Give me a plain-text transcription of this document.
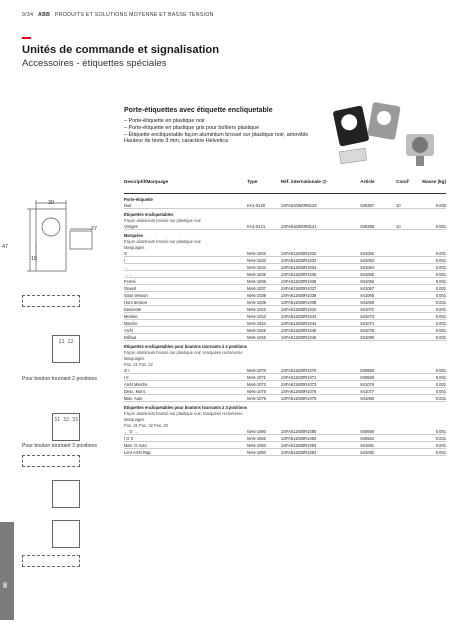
9/34 ABB PRODUITS ET SOLUTIONS MOYENNE ET BASSE TENSION
Unités de commande et signalisation
Accessoires - étiquettes spéciales
Porte-étiquettes avec étiquette encliquetable
– Porte-étiquette en plastique noir
– Porte-étiquette en plastique gris pour boîtiers plastique
– Étiquette encliquetable façon aluminium brossé sur plastique noir, amovible
Hauteur de texte 3 mm, caractère Helvetica
30
27
47
15
21 22
Pour bouton tournant 2 positions
31 32 33
Pour bouton tournant 3 positions
60
Descriptif/Marquage	Type	Réf. internationale @	Article	Cond¹	Masse (kg)
Porte-étiquette					
Noir	KA1-8120	1SFA616920R8120	840287	10	0.002
Étiquettes encliquetables					
Façon aluminium brossé sur plastique noir					
Vierges	KA1-8121	1SFA616920R8121	840288	10	0.001
Marquées					
Façon aluminium brossé sur plastique noir					
Marquages					
O	MA6-1032	1SFA611930R1032	841062		0.001
I	MA6-1033	1SFA611930R1033	841063		0.001
→	MA6-1034	1SFA611930R1034	841064		0.001
→→	MA6-1035	1SFA611930R1035	841065		0.001
Fermé	MA6-1036	1SFA611930R1036	841066		0.001
Ouvert	MA6-1037	1SFA611930R1037	841067		0.001
Sous tension	MA6-1038	1SFA611930R1038	841068		0.001
Hors tension	MA6-1039	1SFA611930R1039	841069		0.001
Descente	MA6-1042	1SFA611930R1042	841072		0.001
Montée	MA6-1043	1SFA611930R1043	841073		0.001
Marche	MA6-1044	1SFA611930R1044	841074		0.001
Arrêt	MA6-1045	1SFA611930R1045	841075		0.001
Défaut	MA6-1046	1SFA611930R1046	841090		0.001
Étiquettes encliquetables pour boutons tournants à 2 positions					
Façon aluminium brossé sur plastique noir, marquées recto/verso					
Marquages					
Pos. 21 Pos. 22					
O I	MA6-1070	1SFA611930R1070	840550		0.001
I II	MA6-1071	1SFA611930R1071	840559		0.001
Arrêt Marche	MA6-1073	1SFA611930R1073	841076		0.001
Desc. Mont.	MA6-1075	1SFA611930R1075	841077		0.001
Man. Auto	MA6-1079	1SFA611930R1079	841080		0.001
Étiquettes encliquetables pour boutons tournants à 3 positions					
Façon aluminium brossé sur plastique noir, marquées recto/verso					
Marquages					
Pos. 31 Pos. 32 Pos. 33					
← O →	MA6-1080	1SFA611930R1080	840556		0.001
I O II	MA6-1082	1SFA611930R1082	840554		0.001
Man. O Auto	MA6-1083	1SFA611930R1083	841081		0.001
Lent Arrêt Rap.	MA6-1084	1SFA611930R1084	841082		0.001
